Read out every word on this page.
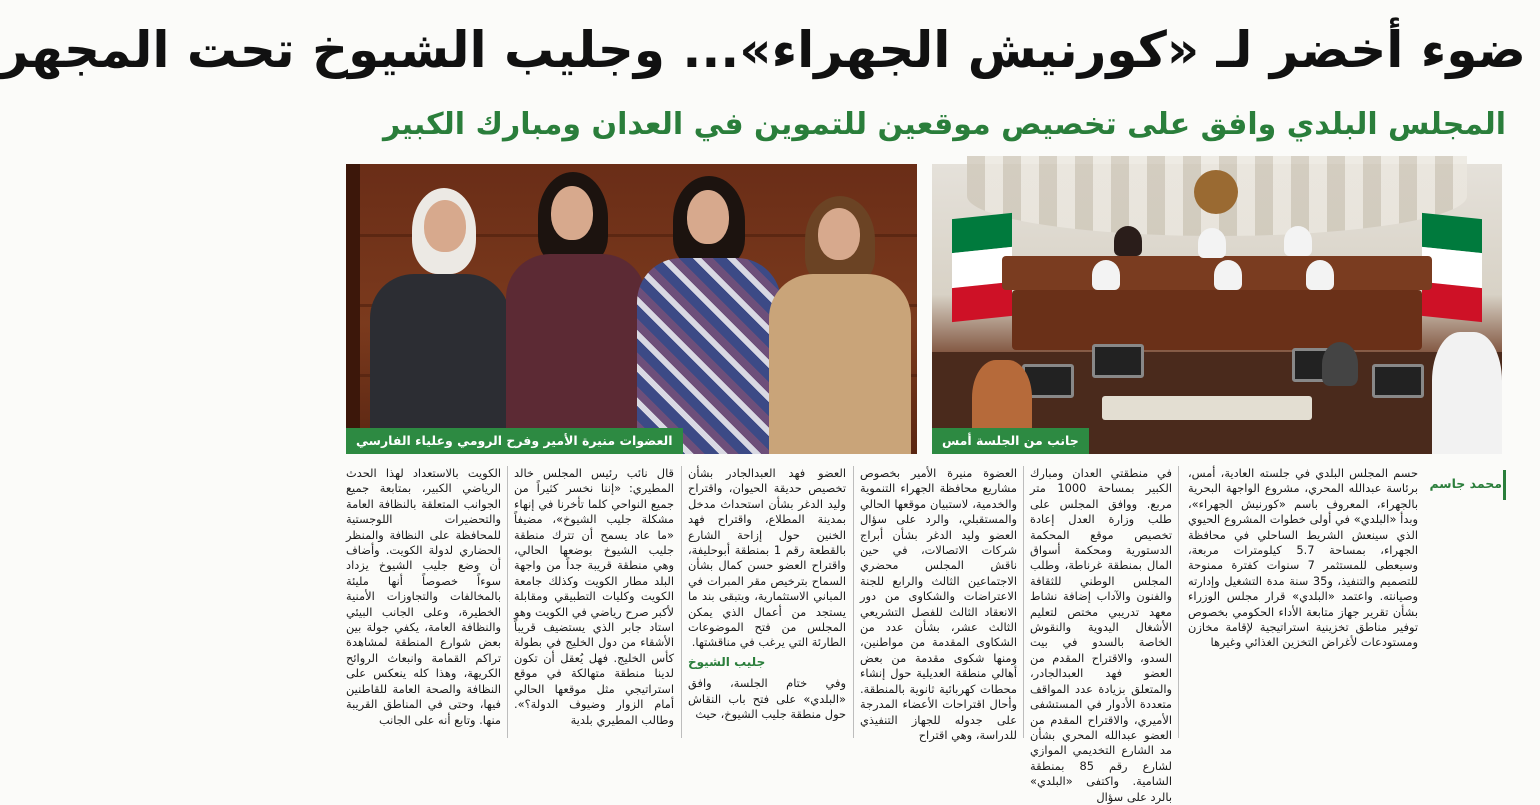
ضوء أخضر لـ «كورنيش الجهراء»... وجليب الشيوخ تحت المجهر
المجلس البلدي وافق على تخصيص موقعين للتموين في العدان ومبارك الكبير
العضوات منيرة الأمير وفرح الرومي وعلياء الفارسي	جانب من الجلسة أمس
محمد جاسم
حسم المجلس البلدي في جلسته العادية، أمس، برئاسة عبدالله المحري، مشروع الواجهة البحرية بالجهراء، المعروف باسم «كورنيش الجهراء»، وبدأ «البلدي» في أولى خطوات المشروع الحيوي الذي سينعش الشريط الساحلي في محافظة الجهراء، بمساحة 5.7 كيلومترات مربعة، وسيعطى للمستثمر 7 سنوات كفترة ممنوحة للتصميم والتنفيذ، و35 سنة مدة التشغيل وإدارته وصيانته. واعتمد «البلدي» قرار مجلس الوزراء بشأن تقرير جهاز متابعة الأداء الحكومي بخصوص توفير مناطق تخزينية استراتيجية لإقامة مخازن ومستودعات لأغراض التخزين الغذائي وغيرها
في منطقتي العدان ومبارك الكبير بمساحة 1000 متر مربع. ووافق المجلس على طلب وزارة العدل إعادة تخصيص موقع المحكمة الدستورية ومحكمة أسواق المال بمنطقة غرناطة، وطلب المجلس الوطني للثقافة والفنون والآداب إضافة نشاط معهد تدريبي مختص لتعليم الأشغال اليدوية والنقوش الخاصة بالسدو في بيت السدو، والاقتراح المقدم من العضو فهد العبدالجادر، والمتعلق بزيادة عدد المواقف متعددة الأدوار في المستشفى الأميري، والاقتراح المقدم من العضو عبدالله المحري بشأن مد الشارع التخديمي الموازي لشارع رقم 85 بمنطقة الشامية. واكتفى «البلدي» بالرد على سؤال
العضوة منيرة الأمير بخصوص مشاريع محافظة الجهراء التنموية والخدمية، لاستبيان موقعها الحالي والمستقبلي، والرد على سؤال العضو وليد الدغر بشأن أبراج شركات الاتصالات، في حين ناقش المجلس محضري الاجتماعين الثالث والرابع للجنة الاعتراضات والشكاوى من دور الانعقاد الثالث للفصل التشريعي الثالث عشر، بشأن عدد من الشكاوى المقدمة من مواطنين، ومنها شكوى مقدمة من بعض أهالي منطقة العديلية حول إنشاء محطات كهربائية ثانوية بالمنطقة. وأحال اقتراحات الأعضاء المدرجة على جدوله للجهاز التنفيذي للدراسة، وهي اقتراح
العضو فهد العبدالجادر بشأن تخصيص حديقة الحيوان، واقتراح وليد الدغر بشأن استحداث مدخل بمدينة المطلاع، واقتراح فهد الخنين حول إزاحة الشارع بالقطعة رقم 1 بمنطقة أبوحليفة، واقتراح العضو حسن كمال بشأن السماح بترخيص مقر المبرات في المباني الاستثمارية، ويتبقى بند ما يستجد من أعمال الذي يمكن المجلس من فتح الموضوعات الطارئة التي يرغب في مناقشتها.
جليب الشيوخ
وفي ختام الجلسة، وافق «البلدي» على فتح باب النقاش حول منطقة جليب الشيوخ، حيث
قال نائب رئيس المجلس خالد المطيري: «إننا نخسر كثيراً من جميع النواحي كلما تأخرنا في إنهاء مشكلة جليب الشيوخ»، مضيفاً «ما عاد يسمح أن تترك منطقة جليب الشيوخ بوضعها الحالي، وهي منطقة قريبة جداً من واجهة البلد مطار الكويت وكذلك جامعة الكويت وكليات التطبيقي ومقابلة لأكبر صرح رياضي في الكويت وهو استاد جابر الذي يستضيف قريباً الأشقاء من دول الخليج في بطولة كأس الخليج. فهل يُعقل أن تكون لدينا منطقة متهالكة في موقع استراتيجي مثل موقعها الحالي أمام الزوار وضيوف الدولة؟». وطالب المطيري بلدية
الكويت بالاستعداد لهذا الحدث الرياضي الكبير، بمتابعة جميع الجوانب المتعلقة بالنظافة العامة والتحضيرات اللوجستية للمحافظة على النظافة والمنظر الحضاري لدولة الكويت. وأضاف أن وضع جليب الشيوخ يزداد سوءاً خصوصاً أنها مليئة بالمخالفات والتجاوزات الأمنية الخطيرة، وعلى الجانب البيئي والنظافة العامة، يكفي جولة بين بعض شوارع المنطقة لمشاهدة تراكم القمامة وانبعاث الروائح الكريهة، وهذا كله ينعكس على النظافة والصحة العامة للقاطنين فيها، وحتى في المناطق القريبة منها. وتابع أنه على الجانب
